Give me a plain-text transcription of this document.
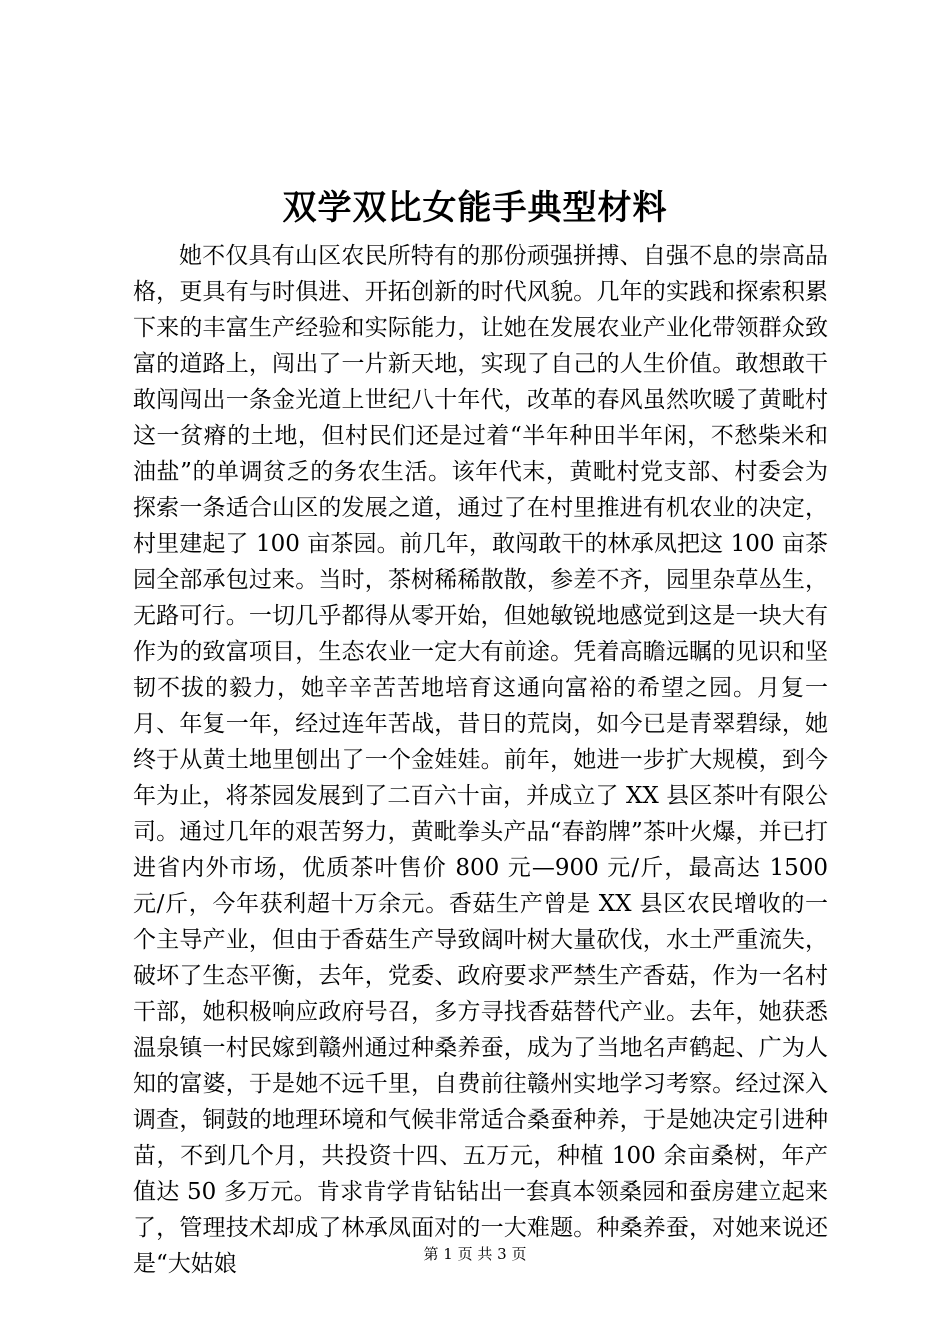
双学双比女能手典型材料

她不仅具有山区农民所特有的那份顽强拼搏、自强不息的崇高品格，更具有与时俱进、开拓创新的时代风貌。几年的实践和探索积累下来的丰富生产经验和实际能力，让她在发展农业产业化带领群众致富的道路上，闯出了一片新天地，实现了自己的人生价值。敢想敢干敢闯闯出一条金光道上世纪八十年代，改革的春风虽然吹暖了黄毗村这一贫瘠的土地，但村民们还是过着“半年种田半年闲，不愁柴米和油盐”的单调贫乏的务农生活。该年代末，黄毗村党支部、村委会为探索一条适合山区的发展之道，通过了在村里推进有机农业的决定，村里建起了 100 亩茶园。前几年，敢闯敢干的林承凤把这 100 亩茶园全部承包过来。当时，茶树稀稀散散，参差不齐，园里杂草丛生，无路可行。一切几乎都得从零开始，但她敏锐地感觉到这是一块大有作为的致富项目，生态农业一定大有前途。凭着高瞻远瞩的见识和坚韧不拔的毅力，她辛辛苦苦地培育这通向富裕的希望之园。月复一月、年复一年，经过连年苦战，昔日的荒岗，如今已是青翠碧绿，她终于从黄土地里刨出了一个金娃娃。前年，她进一步扩大规模，到今年为止，将茶园发展到了二百六十亩，并成立了 XX 县区茶叶有限公司。通过几年的艰苦努力，黄毗拳头产品“春韵牌”茶叶火爆，并已打进省内外市场，优质茶叶售价 800 元—900 元/斤，最高达 1500 元/斤，今年获利超十万余元。香菇生产曾是 XX 县区农民增收的一个主导产业，但由于香菇生产导致阔叶树大量砍伐，水土严重流失，破坏了生态平衡，去年，党委、政府要求严禁生产香菇，作为一名村干部，她积极响应政府号召，多方寻找香菇替代产业。去年，她获悉温泉镇一村民嫁到赣州通过种桑养蚕，成为了当地名声鹤起、广为人知的富婆，于是她不远千里，自费前往赣州实地学习考察。经过深入调查，铜鼓的地理环境和气候非常适合桑蚕种养，于是她决定引进种苗，不到几个月，共投资十四、五万元，种植 100 余亩桑树，年产值达 50 多万元。肯求肯学肯钻钻出一套真本领桑园和蚕房建立起来了，管理技术却成了林承凤面对的一大难题。种桑养蚕，对她来说还是“大姑娘	第 1 页 共 3 页
